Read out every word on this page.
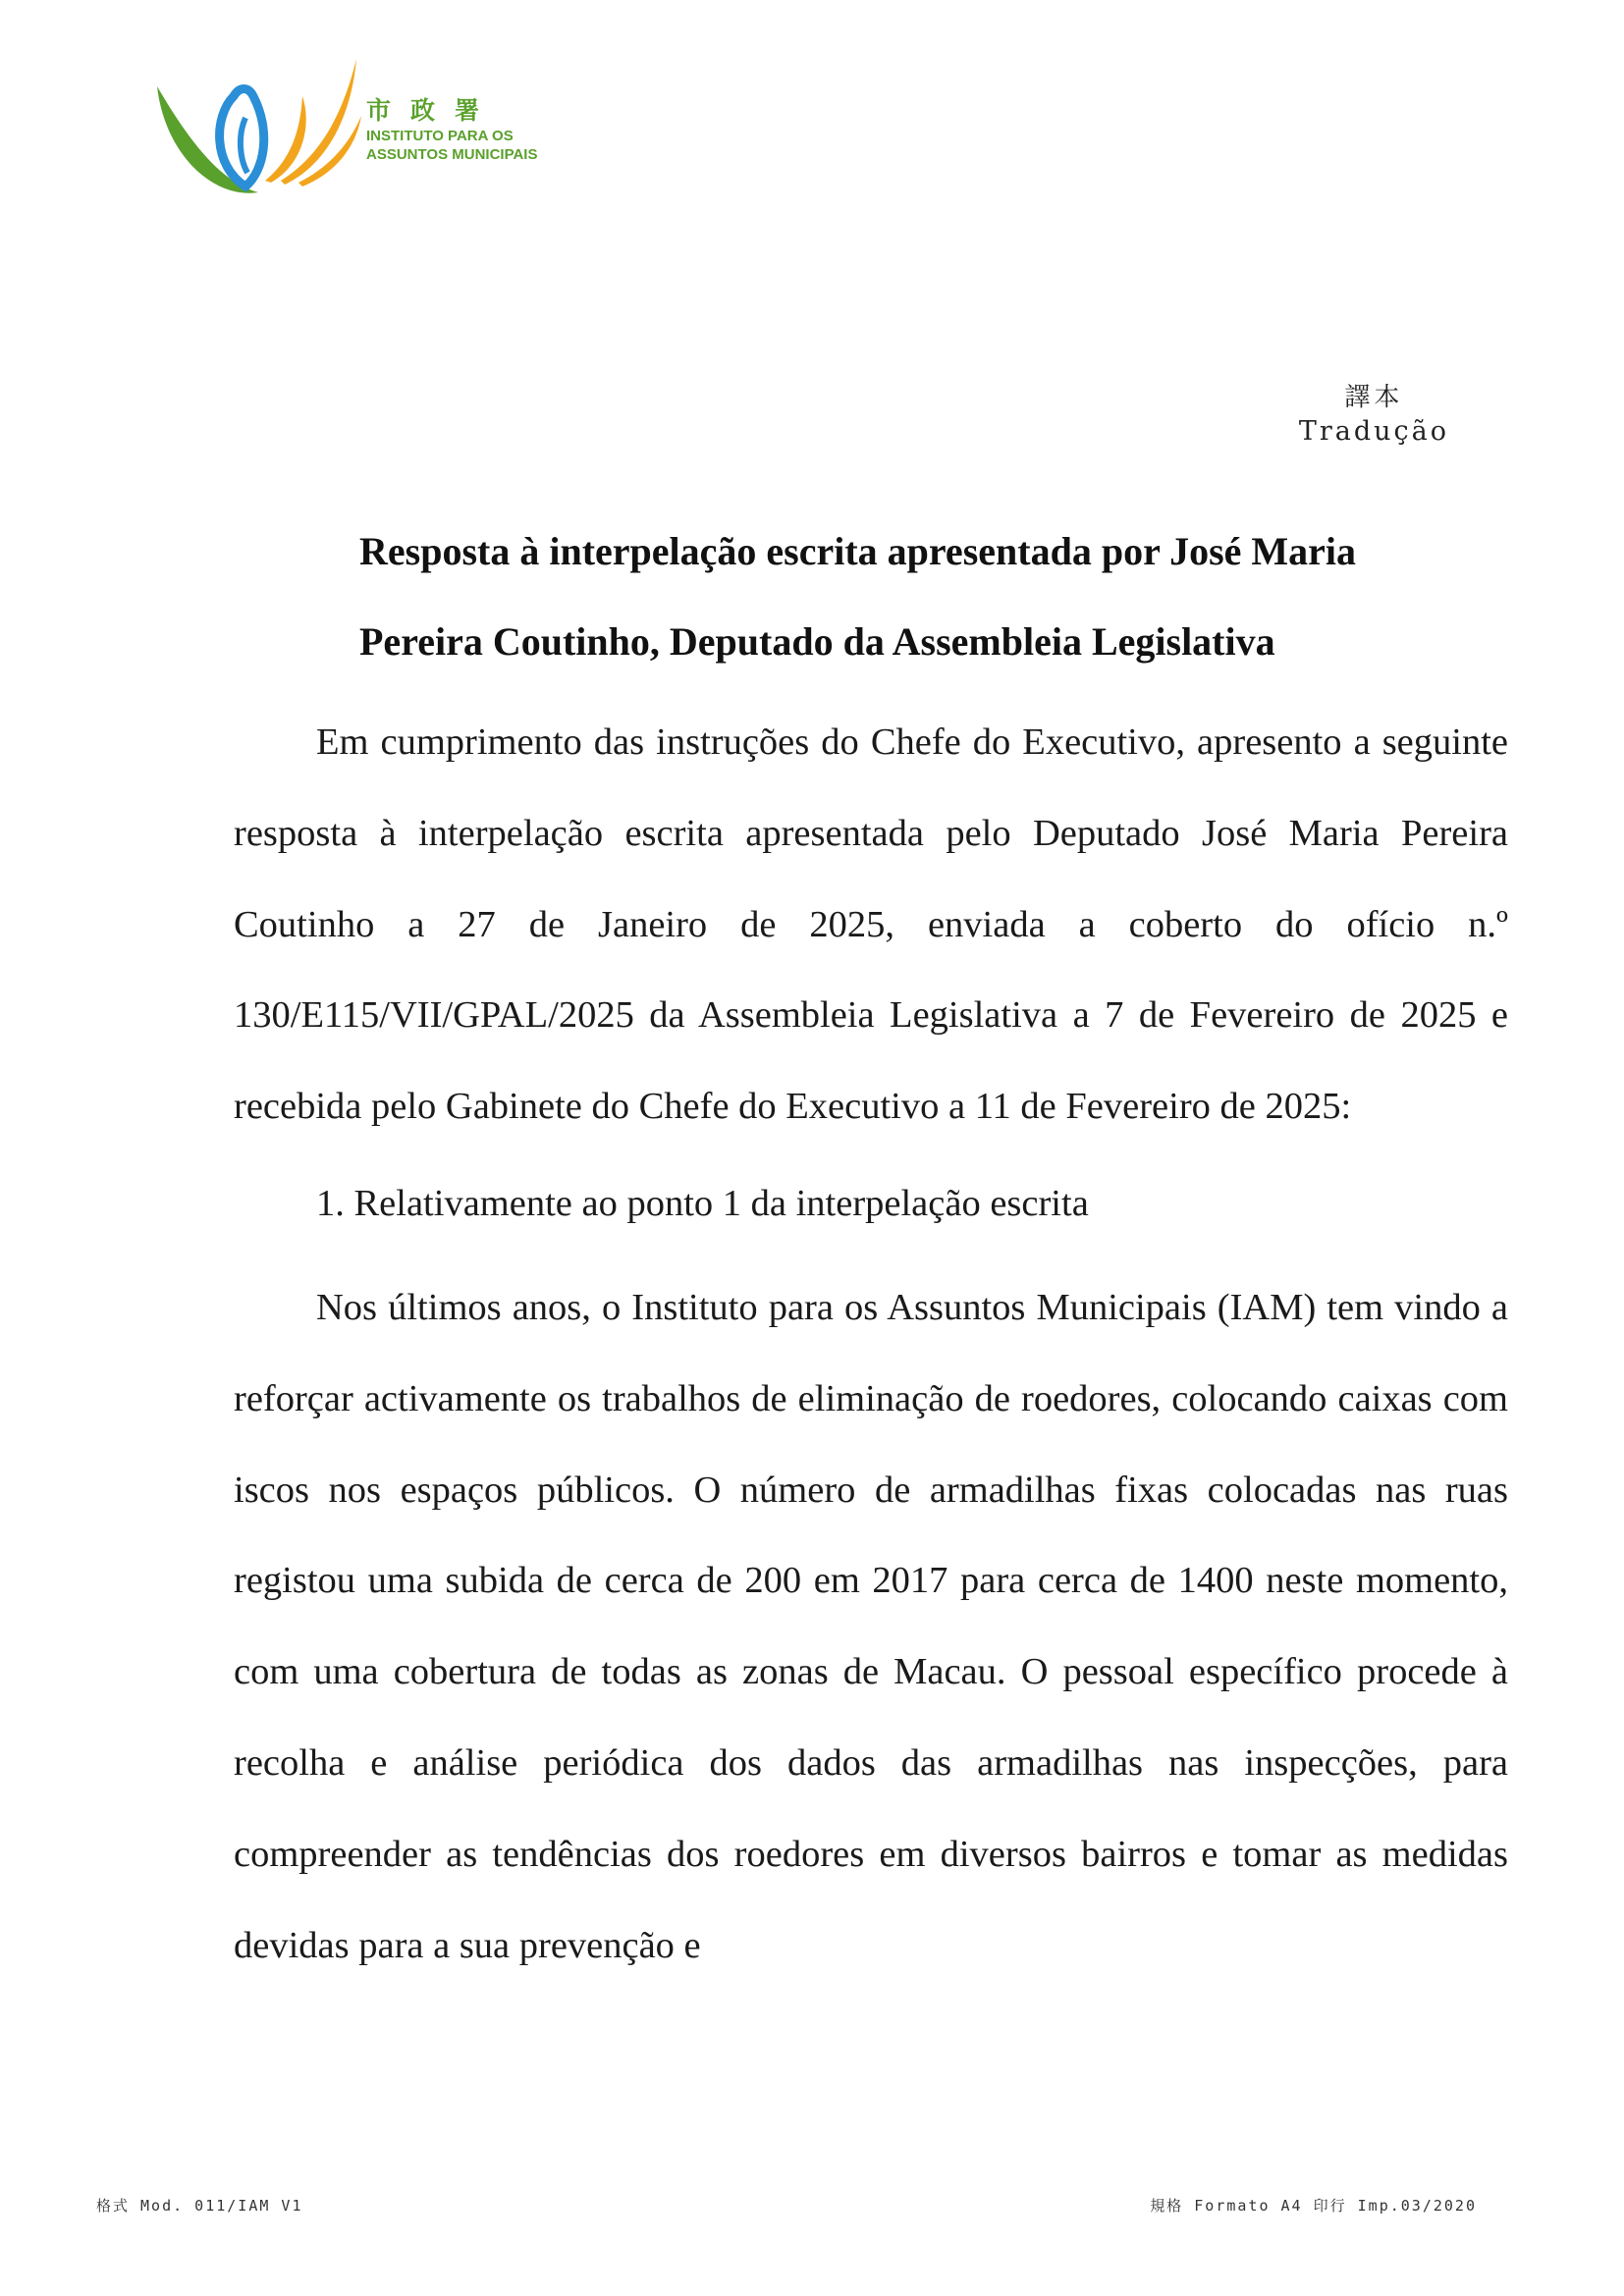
市政署
INSTITUTO PARA OS
ASSUNTOS MUNICIPAIS
譯本
Tradução
Resposta à interpelação escrita apresentada por José Maria
Pereira Coutinho, Deputado da Assembleia Legislativa

Em cumprimento das instruções do Chefe do Executivo, apresento a seguinte resposta à interpelação escrita apresentada pelo Deputado José Maria Pereira Coutinho a 27 de Janeiro de 2025, enviada a coberto do ofício n.º 130/E115/VII/GPAL/2025 da Assembleia Legislativa a 7 de Fevereiro de 2025 e recebida pelo Gabinete do Chefe do Executivo a 11 de Fevereiro de 2025:

1. Relativamente ao ponto 1 da interpelação escrita

Nos últimos anos, o Instituto para os Assuntos Municipais (IAM) tem vindo a reforçar activamente os trabalhos de eliminação de roedores, colocando caixas com iscos nos espaços públicos. O número de armadilhas fixas colocadas nas ruas registou uma subida de cerca de 200 em 2017 para cerca de 1400 neste momento, com uma cobertura de todas as zonas de Macau. O pessoal específico procede à recolha e análise periódica dos dados das armadilhas nas inspecções, para compreender as tendências dos roedores em diversos bairros e tomar as medidas devidas para a sua prevenção e

格式 Mod. 011/IAM V1	規格 Formato A4 印行 Imp.03/2020
